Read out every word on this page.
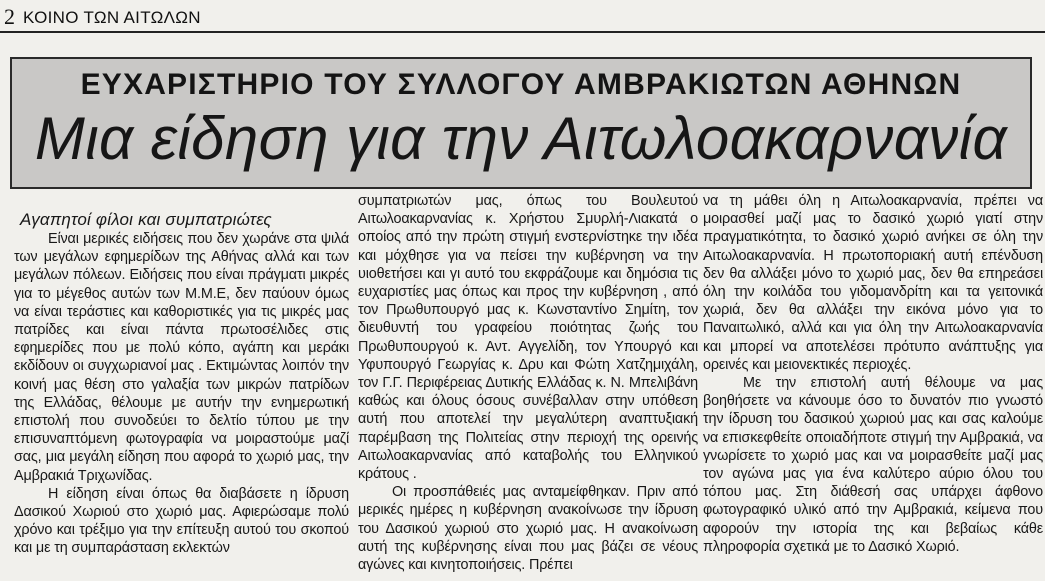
2 ΚΟΙΝΟ ΤΩΝ ΑΙΤΩΛΩΝ
ΕΥΧΑΡΙΣΤΗΡΙΟ ΤΟΥ ΣΥΛΛΟΓΟΥ ΑΜΒΡΑΚΙΩΤΩΝ ΑΘΗΝΩΝ
Μια είδηση για την Αιτωλοακαρνανία
Αγαπητοί φίλοι και συμπατριώτες

Είναι μερικές ειδήσεις που δεν χωράνε στα ψιλά των μεγάλων εφημερίδων της Αθήνας αλλά και των μεγάλων πόλεων. Ειδήσεις που είναι πράγματι μικρές για το μέγεθος αυτών των Μ.Μ.Ε, δεν παύουν όμως να είναι τεράστιες και καθοριστικές για τις μικρές μας πατρίδες και είναι πάντα πρωτοσέλιδες στις εφημερίδες που με πολύ κόπο, αγάπη και μεράκι εκδίδουν οι συγχωριανοί μας . Εκτιμώντας λοιπόν την κοινή μας θέση στο γαλαξία των μικρών πατρίδων της Ελλάδας, θέλουμε με αυτήν την ενημερωτική επιστολή που συνοδεύει το δελτίο τύπου με την επισυναπτόμενη φωτογραφία να μοιραστούμε μαζί σας, μια μεγάλη είδηση που αφορά το χωριό μας, την Αμβρακιά Τριχωνίδας.

Η είδηση είναι όπως θα διαβάσετε η ίδρυση Δασικού Χωριού στο χωριό μας. Αφιερώσαμε πολύ χρόνο και τρέξιμο για την επίτευξη αυτού του σκοπού και με τη συμπαράσταση εκλεκτών

συμπατριωτών μας, όπως του Βουλευτού Αιτωλοακαρνανίας κ. Χρήστου Σμυρλή-Λιακατά ο οποίος από την πρώτη στιγμή ενστερνίστηκε την ιδέα και μόχθησε για να πείσει την κυβέρνηση να την υιοθετήσει και γι αυτό του εκφράζουμε και δημόσια τις ευχαριστίες μας όπως και προς την κυβέρνηση , από τον Πρωθυπουργό μας κ. Κωνσταντίνο Σημίτη, τον διευθυντή του γραφείου ποιότητας ζωής του Πρωθυπουργού κ. Αντ. Αγγελίδη, τον Υπουργό και Υφυπουργό Γεωργίας κ. Δρυ και Φώτη Χατζημιχάλη, τον Γ.Γ. Περιφέρειας Δυτικής Ελλάδας κ. Ν. Μπελιβάνη καθώς και όλους όσους συνέβαλλαν στην υπόθεση αυτή που αποτελεί την μεγαλύτερη αναπτυξιακή παρέμβαση της Πολιτείας στην περιοχή της ορεινής Αιτωλοακαρνανίας από καταβολής του Ελληνικού κράτους .

Οι προσπάθειές μας ανταμείφθηκαν. Πριν από μερικές ημέρες η κυβέρνηση ανακοίνωσε την ίδρυση του Δασικού χωριού στο χωριό μας. Η ανακοίνωση αυτή της κυβέρνησης είναι που μας βάζει σε νέους αγώνες και κινητοποιήσεις. Πρέπει

να τη μάθει όλη η Αιτωλοακαρνανία, πρέπει να μοιρασθεί μαζί μας το δασικό χωριό γιατί στην πραγματικότητα, το δασικό χωριό ανήκει σε όλη την Αιτωλοακαρνανία. Η πρωτοποριακή αυτή επένδυση δεν θα αλλάξει μόνο το χωριό μας, δεν θα επηρεάσει όλη την κοιλάδα του γιδομανδρίτη και τα γειτονικά χωριά, δεν θα αλλάξει την εικόνα μόνο για το Παναιτωλικό, αλλά και για όλη την Αιτωλοακαρνανία και μπορεί να αποτελέσει πρότυπο ανάπτυξης για ορεινές και μειονεκτικές περιοχές.

Με την επιστολή αυτή θέλουμε να μας βοηθήσετε να κάνουμε όσο το δυνατόν πιο γνωστό την ίδρυση του δασικού χωριού μας και σας καλούμε να επισκεφθείτε οποιαδήποτε στιγμή την Αμβρακιά, να γνωρίσετε το χωριό μας και να μοιρασθείτε μαζί μας τον αγώνα μας για ένα καλύτερο αύριο όλου του τόπου μας. Στη διάθεσή σας υπάρχει άφθονο φωτογραφικό υλικό από την Αμβρακιά, κείμενα που αφορούν την ιστορία της και βεβαίως κάθε πληροφορία σχετικά με το Δασικό Χωριό.
